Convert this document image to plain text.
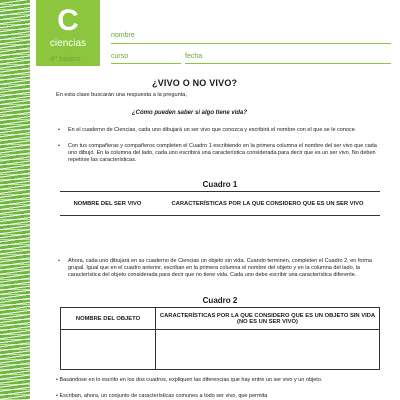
C
ciencias
4º básico
nombre
curso	fecha
¿VIVO O NO VIVO?
En esta clase buscarán una respuesta a la pregunta,
¿Cómo pueden saber si algo tiene vida?
• En el cuaderno de Ciencias, cada uno dibujará un ser vivo que conozca y escribirá el nombre con el que se le conoce.
• Con tus compañeras y compañeros completen el Cuadro 1 escribiendo en la primera columna el nombre del ser vivo que cada uno dibujó. En la columna del lado, cada uno escribirá una característica considerada para decir que es un ser vivo. No deben repetirse las características.
Cuadro 1
NOMBRE DEL SER VIVO	CARACTERÍSTICAS POR LA QUE CONSIDERO QUE ES UN SER VIVO
• Ahora, cada uno dibujará en su cuaderno de Ciencias un objeto sin vida. Cuando terminen, completen el Cuadro 2, en forma grupal. Igual que en el cuadro anterior, escriban en la primera columna el nombre del objeto y en la columna del lado, la característica del objeto considerada para decir que no tiene vida. Cada uno debe escribir una característica diferente.
Cuadro 2
NOMBRE DEL OBJETO	CARACTERÍSTICAS POR LA QUE CONSIDERO QUE ES UN OBJETO SIN VIDA (NO ES UN SER VIVO)

• Basándose en lo escrito en los dos cuadros, expliquen las diferencias que hay entre un ser vivo y un objeto.
• Escriban, ahora, un conjunto de características comunes a todo ser vivo, que permita
